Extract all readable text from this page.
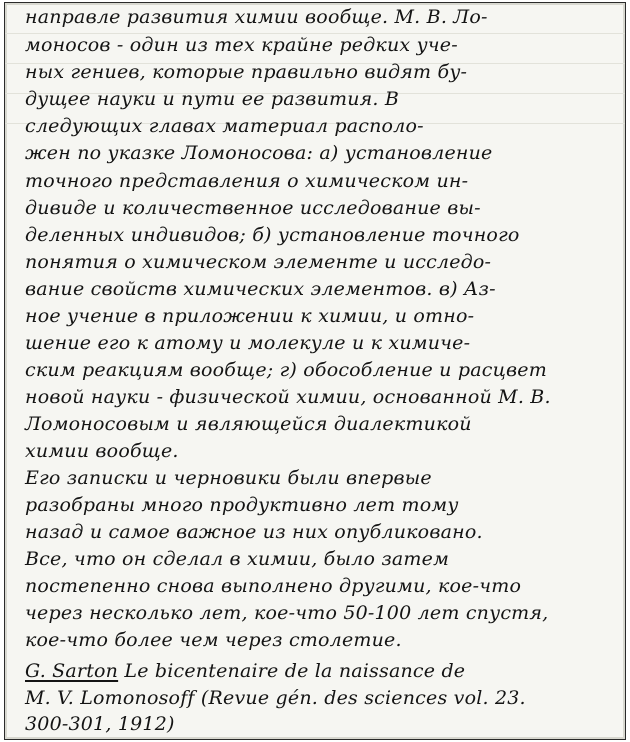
направле развития химии вообще. М. В. Ло-
моносов - один из тех крайне редких уче-
ных гениев, которые правильно видят бу-
дущее науки и пути ее развития. В
следующих главах материал располо-
жен по указке Ломоносова: а) установление
точного представления о химическом ин-
дивиде и количественное исследование вы-
деленных индивидов; б) установление точного
понятия о химическом элементе и исследо-
вание свойств химических элементов. в) Аз-
ное учение в приложении к химии, и отно-
шение его к атому и молекуле и к химиче-
ским реакциям вообще; г) обособление и расцвет
новой науки - физической химии, основанной М. В.
Ломоносовым и являющейся диалектикой
химии вообще.
Его записки и черновики были впервые
разобраны много продуктивно лет тому
назад и самое важное из них опубликовано.
Все, что он сделал в химии, было затем
постепенно снова выполнено другими, кое-что
через несколько лет, кое-что 50-100 лет спустя,
кое-что более чем через столетие.
G. Sarton Le bicentenaire de la naissance de
M. V. Lomonosoff (Revue gén. des sciences vol. 23.
300-301, 1912)
